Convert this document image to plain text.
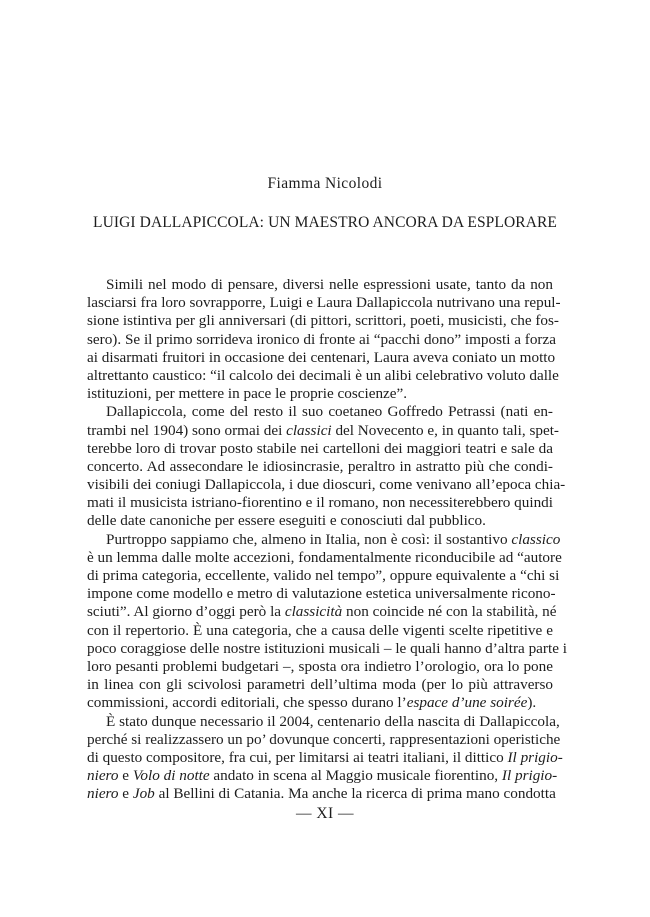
Fiamma Nicolodi
LUIGI DALLAPICCOLA: UN MAESTRO ANCORA DA ESPLORARE
Simili nel modo di pensare, diversi nelle espressioni usate, tanto da non
lasciarsi fra loro sovrapporre, Luigi e Laura Dallapiccola nutrivano una repul-
sione istintiva per gli anniversari (di pittori, scrittori, poeti, musicisti, che fos-
sero). Se il primo sorrideva ironico di fronte ai “pacchi dono” imposti a forza
ai disarmati fruitori in occasione dei centenari, Laura aveva coniato un motto
altrettanto caustico: “il calcolo dei decimali è un alibi celebrativo voluto dalle
istituzioni, per mettere in pace le proprie coscienze”.
Dallapiccola, come del resto il suo coetaneo Goffredo Petrassi (nati en-
trambi nel 1904) sono ormai dei classici del Novecento e, in quanto tali, spet-
terebbe loro di trovar posto stabile nei cartelloni dei maggiori teatri e sale da
concerto. Ad assecondare le idiosincrasie, peraltro in astratto più che condi-
visibili dei coniugi Dallapiccola, i due dioscuri, come venivano all’epoca chia-
mati il musicista istriano-fiorentino e il romano, non necessiterebbero quindi
delle date canoniche per essere eseguiti e conosciuti dal pubblico.
Purtroppo sappiamo che, almeno in Italia, non è così: il sostantivo classico
è un lemma dalle molte accezioni, fondamentalmente riconducibile ad “autore
di prima categoria, eccellente, valido nel tempo”, oppure equivalente a “chi si
impone come modello e metro di valutazione estetica universalmente ricono-
sciuti”. Al giorno d’oggi però la classicità non coincide né con la stabilità, né
con il repertorio. È una categoria, che a causa delle vigenti scelte ripetitive e
poco coraggiose delle nostre istituzioni musicali – le quali hanno d’altra parte i
loro pesanti problemi budgetari –, sposta ora indietro l’orologio, ora lo pone
in linea con gli scivolosi parametri dell’ultima moda (per lo più attraverso
commissioni, accordi editoriali, che spesso durano l’espace d’une soirée).
È stato dunque necessario il 2004, centenario della nascita di Dallapiccola,
perché si realizzassero un po’ dovunque concerti, rappresentazioni operistiche
di questo compositore, fra cui, per limitarsi ai teatri italiani, il dittico Il prigio-
niero e Volo di notte andato in scena al Maggio musicale fiorentino, Il prigio-
niero e Job al Bellini di Catania. Ma anche la ricerca di prima mano condotta
— XI —
